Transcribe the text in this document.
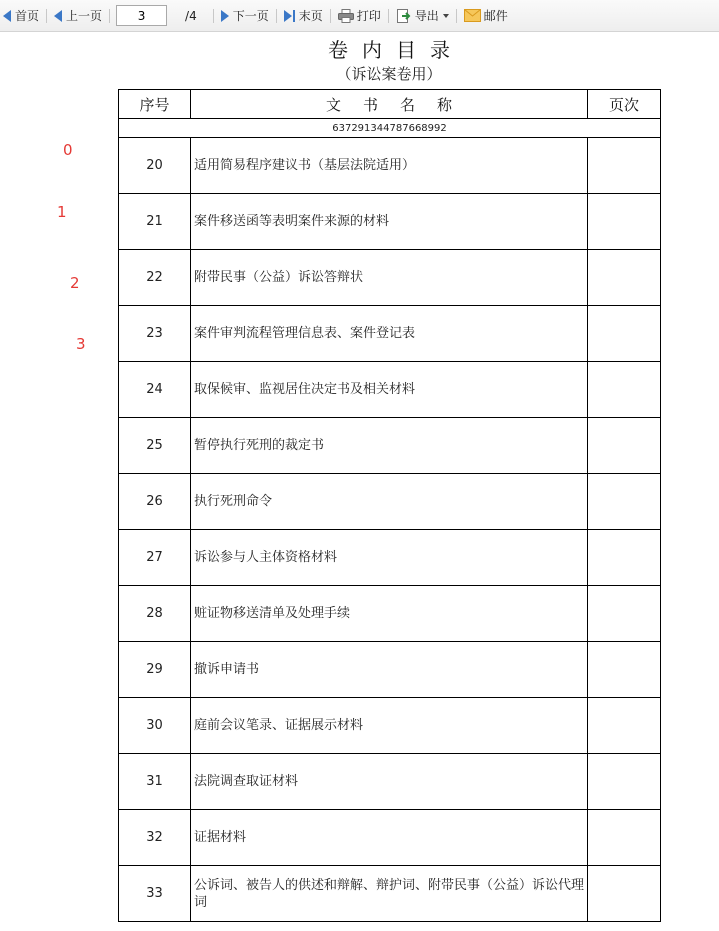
首页 上一页
3	/4	下一页	末页	打印	导出	邮件
卷内目录
（诉讼案卷用）
0
1
2
3
序号	文书名称	页次
637291344787668992		
20	适用简易程序建议书（基层法院适用）	
21	案件移送函等表明案件来源的材料	
22	附带民事（公益）诉讼答辩状	
23	案件审判流程管理信息表、案件登记表	
24	取保候审、监视居住决定书及相关材料	
25	暂停执行死刑的裁定书	
26	执行死刑命令	
27	诉讼参与人主体资格材料	
28	赃证物移送清单及处理手续	
29	撤诉申请书	
30	庭前会议笔录、证据展示材料	
31	法院调查取证材料	
32	证据材料	
33	公诉词、被告人的供述和辩解、辩护词、附带民事（公益）诉讼代理词	
